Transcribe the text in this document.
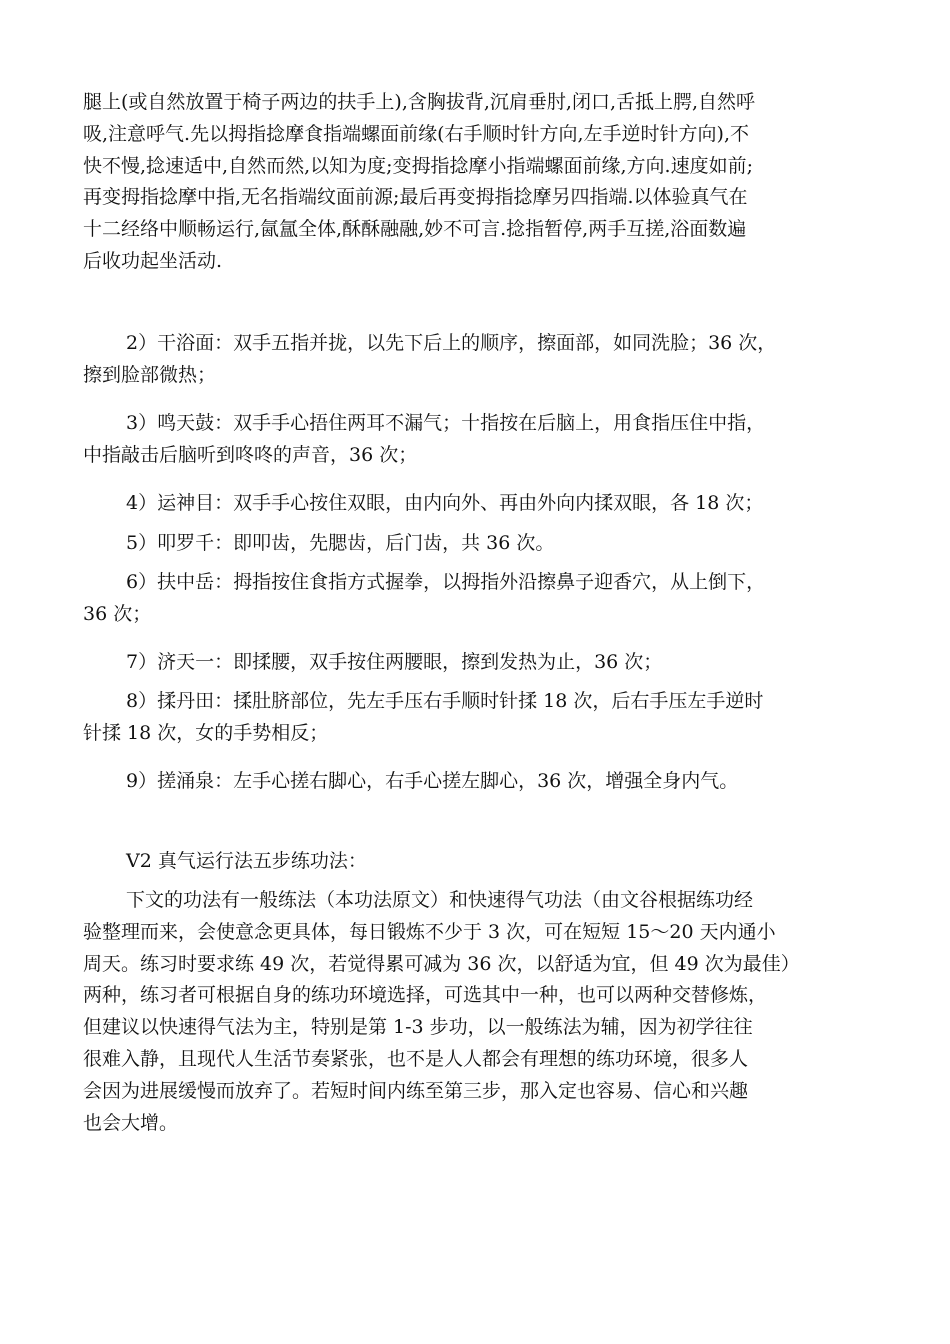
腿上(或自然放置于椅子两边的扶手上),含胸拔背,沉肩垂肘,闭口,舌抵上腭,自然呼
吸,注意呼气.先以拇指捻摩食指端螺面前缘(右手顺时针方向,左手逆时针方向),不
快不慢,捻速适中,自然而然,以知为度;变拇指捻摩小指端螺面前缘,方向.速度如前;
再变拇指捻摩中指,无名指端纹面前源;最后再变拇指捻摩另四指端.以体验真气在
十二经络中顺畅运行,氤氲全体,酥酥融融,妙不可言.捻指暂停,两手互搓,浴面数遍
后收功起坐活动.

2）干浴面：双手五指并拢，以先下后上的顺序，擦面部，如同洗脸；36 次，
擦到脸部微热；

3）鸣天鼓：双手手心捂住两耳不漏气；十指按在后脑上，用食指压住中指，
中指敲击后脑听到咚咚的声音，36 次；

4）运神目：双手手心按住双眼，由内向外、再由外向内揉双眼，各 18 次；

5）叩罗千：即叩齿，先腮齿，后门齿，共 36 次。

6）扶中岳：拇指按住食指方式握拳，以拇指外沿擦鼻子迎香穴，从上倒下，
36 次；

7）济天一：即揉腰，双手按住两腰眼，擦到发热为止，36 次；

8）揉丹田：揉肚脐部位，先左手压右手顺时针揉 18 次，后右手压左手逆时
针揉 18 次，女的手势相反；

9）搓涌泉：左手心搓右脚心，右手心搓左脚心，36 次，增强全身内气。

V2 真气运行法五步练功法：

下文的功法有一般练法（本功法原文）和快速得气功法（由文谷根据练功经
验整理而来，会使意念更具体，每日锻炼不少于 3 次，可在短短 15～20 天内通小
周天。练习时要求练 49 次，若觉得累可减为 36 次，以舒适为宜，但 49 次为最佳）
两种，练习者可根据自身的练功环境选择，可选其中一种，也可以两种交替修炼，
但建议以快速得气法为主，特别是第 1-3 步功，以一般练法为辅，因为初学往往
很难入静，且现代人生活节奏紧张，也不是人人都会有理想的练功环境，很多人
会因为进展缓慢而放弃了。若短时间内练至第三步，那入定也容易、信心和兴趣
也会大增。
